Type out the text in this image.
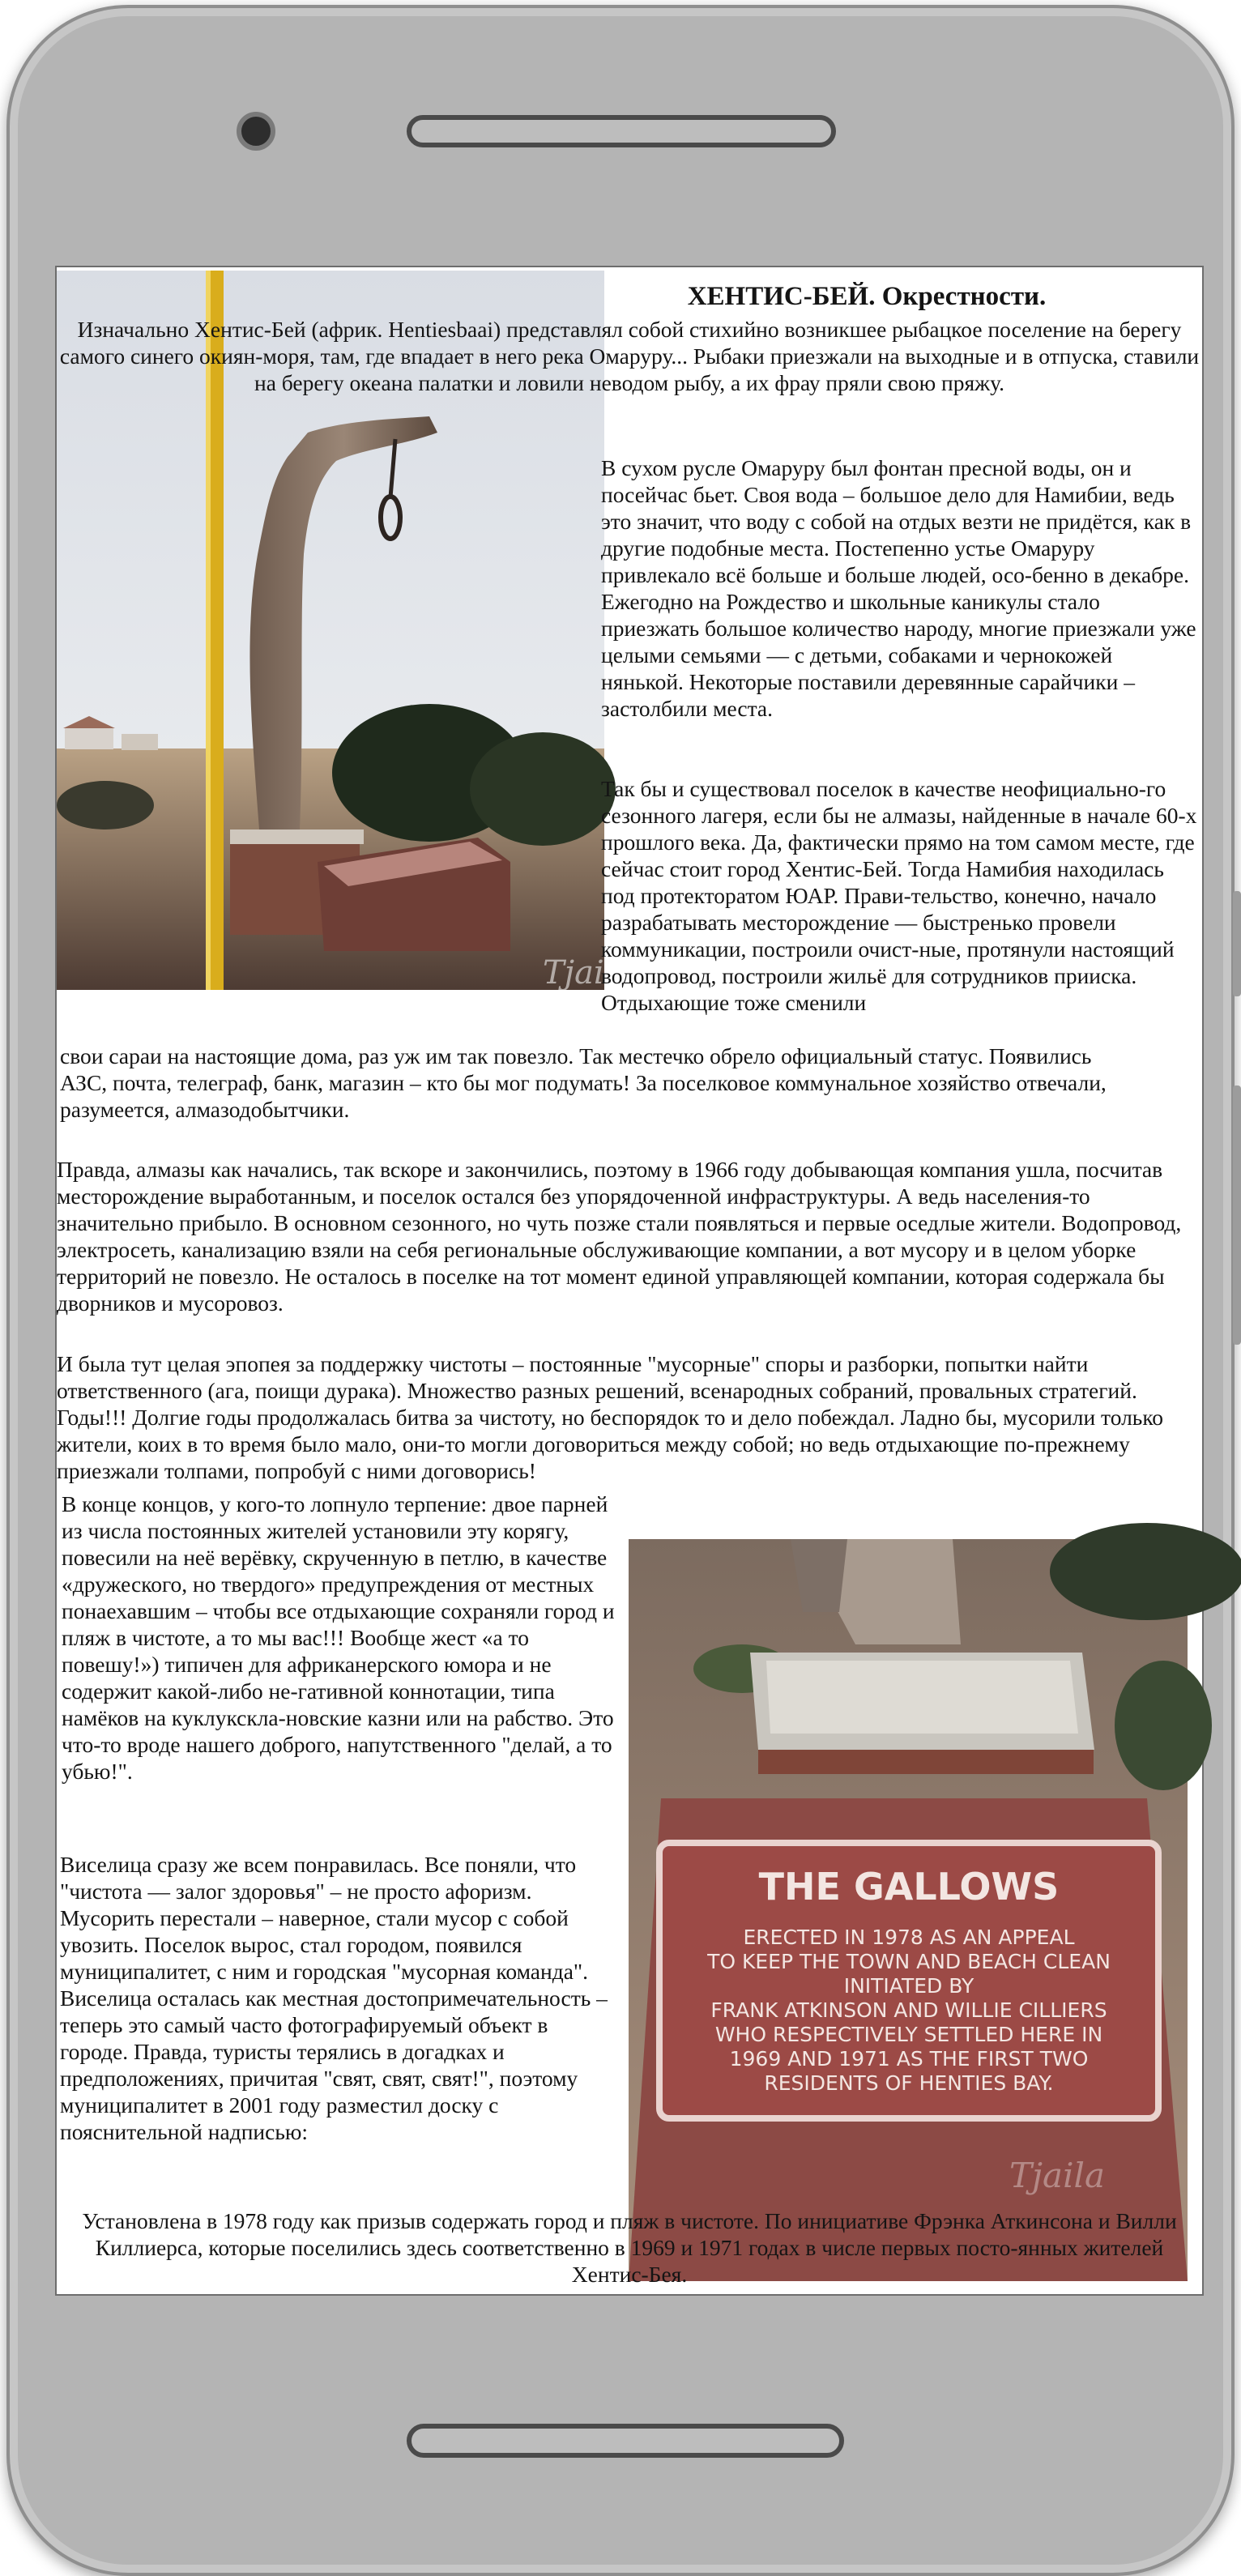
Tjaila
THE GALLOWS
ERECTED IN 1978 AS AN APPEAL
TO KEEP THE TOWN AND BEACH CLEAN
INITIATED BY
FRANK ATKINSON AND WILLIE CILLIERS
WHO RESPECTIVELY SETTLED HERE IN
1969 AND 1971 AS THE FIRST TWO
RESIDENTS OF HENTIES BAY.
Tjaila
ХЕНТИС-БЕЙ. Окрестности.

Изначально Хентис-Бей (африк. Hentiesbaai) представлял собой стихийно возникшее рыбацкое поселение на берегу самого синего окиян-моря, там, где впадает в него река Омаруру... Рыбаки приезжали на выходные и в отпуска, ставили на берегу океана палатки и ловили неводом рыбу, а их фрау пряли свою пряжу.

В сухом русле Омаруру был фонтан пресной воды, он и посейчас бьет. Своя вода – большое дело для Намибии, ведь это значит, что воду с собой на отдых везти не придётся, как в другие подобные места. Постепенно устье Омаруру привлекало всё больше и больше людей, осо-бенно в декабре. Ежегодно на Рождество и школьные каникулы стало приезжать большое количество народу, многие приезжали уже целыми семьями — с детьми, собаками и чернокожей нянькой. Некоторые поставили деревянные сарайчики – застолбили места.

Так бы и существовал поселок в качестве неофициально-го сезонного лагеря, если бы не алмазы, найденные в начале 60-х прошлого века. Да, фактически прямо на том самом месте, где сейчас стоит город Хентис-Бей. Тогда Намибия находилась под протекторатом ЮАР. Прави-тельство, конечно, начало разрабатывать месторождение — быстренько провели коммуникации, построили очист-ные, протянули настоящий водопровод, построили жильё для сотрудников прииска. Отдыхающие тоже сменили

свои сараи на настоящие дома, раз уж им так повезло. Так местечко обрело официальный статус. Появились АЗС, почта, телеграф, банк, магазин – кто бы мог подумать! За поселковое коммунальное хозяйство отвечали, разумеется, алмазодобытчики.

Правда, алмазы как начались, так вскоре и закончились, поэтому в 1966 году добывающая компания ушла, посчитав месторождение выработанным, и поселок остался без упорядоченной инфраструктуры. А ведь населения-то значительно прибыло. В основном сезонного, но чуть позже стали появляться и первые оседлые жители. Водопровод, электросеть, канализацию взяли на себя региональные обслуживающие компании, а вот мусору и в целом уборке территорий не повезло. Не осталось в поселке на тот момент единой управляющей компании, которая содержала бы дворников и мусоровоз.

И была тут целая эпопея за поддержку чистоты – постоянные "мусорные" споры и разборки, попытки найти ответственного (ага, поищи дурака). Множество разных решений, всенародных собраний, провальных стратегий. Годы!!! Долгие годы продолжалась битва за чистоту, но беспорядок то и дело побеждал. Ладно бы, мусорили только жители, коих в то время было мало, они-то могли договориться между собой; но ведь отдыхающие по-прежнему приезжали толпами, попробуй с ними договорись!

В конце концов, у кого-то лопнуло терпение: двое парней из числа постоянных жителей установили эту корягу, повесили на неё верёвку, скрученную в петлю, в качестве «дружеского, но твердого» предупреждения от местных понаехавшим – чтобы все отдыхающие сохраняли город и пляж в чистоте, а то мы вас!!! Вообще жест «а то повешу!») типичен для африканерского юмора и не содержит какой-либо не-гативной коннотации, типа намёков на куклукскла-новские казни или на рабство. Это что-то вроде нашего доброго, напутственного "делай, а то убью!".

Виселица сразу же всем понравилась. Все поняли, что "чистота — залог здоровья" – не просто афоризм. Мусорить перестали – наверное, стали мусор с собой увозить. Поселок вырос, стал городом, появился муниципалитет, с ним и городская "мусорная команда". Виселица осталась как местная достопримечательность – теперь это самый часто фотографируемый объект в городе. Правда, туристы терялись в догадках и предположениях, причитая "свят, свят, свят!", поэтому муниципалитет в 2001 году разместил доску с пояснительной надписью:

Установлена в 1978 году как призыв содержать город и пляж в чистоте. По инициативе Фрэнка Аткинсона и Вилли Киллиерса, которые поселились здесь соответственно в 1969 и 1971 годах в числе первых посто-янных жителей Хентис-Бея.
